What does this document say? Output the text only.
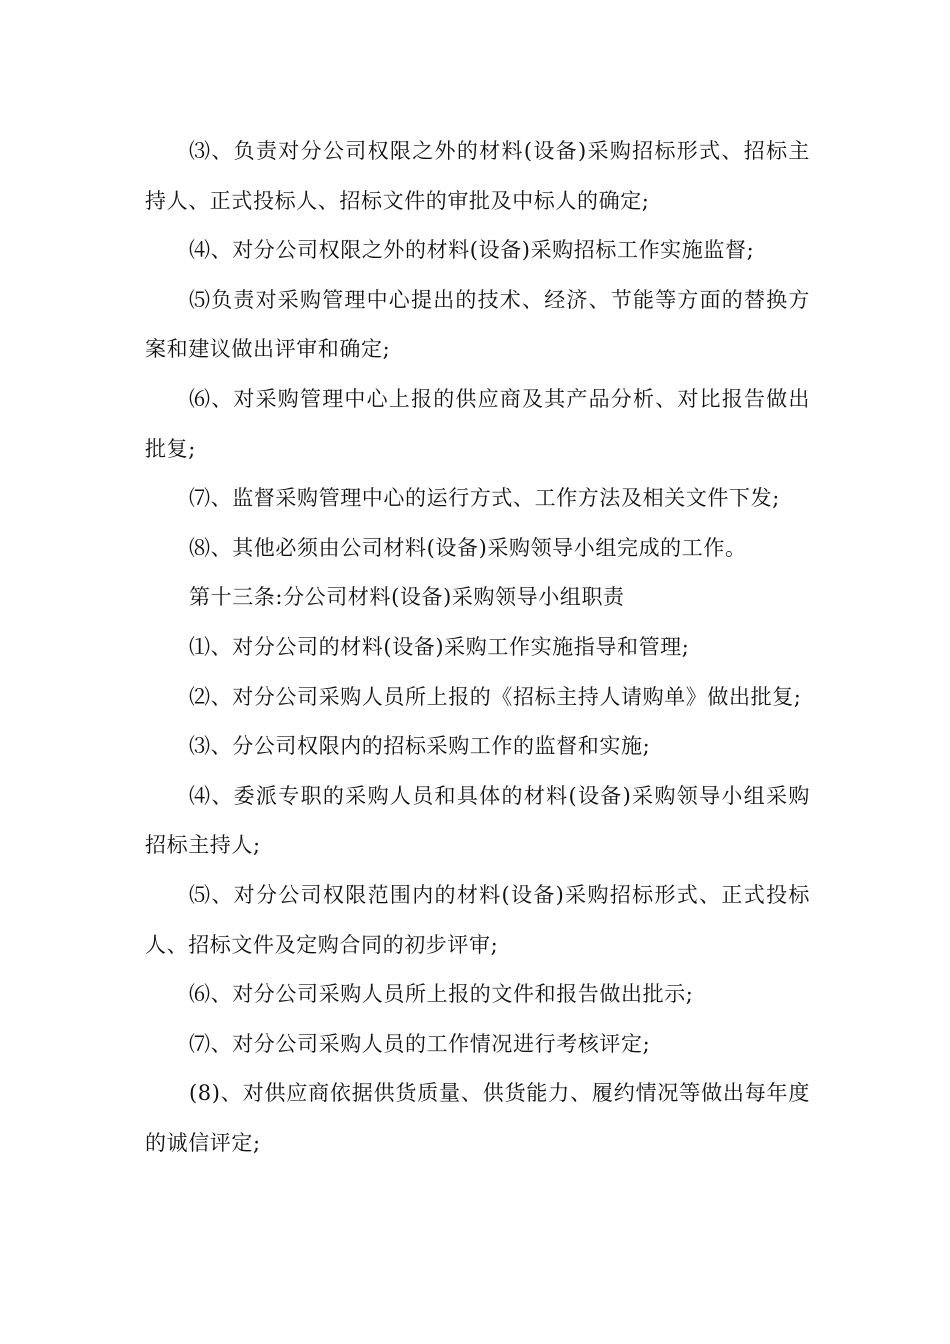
⑶、负责对分公司权限之外的材料(设备)采购招标形式、招标主持人、正式投标人、招标文件的审批及中标人的确定;

⑷、对分公司权限之外的材料(设备)采购招标工作实施监督;

⑸负责对采购管理中心提出的技术、经济、节能等方面的替换方案和建议做出评审和确定;

⑹、对采购管理中心上报的供应商及其产品分析、对比报告做出批复;

⑺、监督采购管理中心的运行方式、工作方法及相关文件下发;

⑻、其他必须由公司材料(设备)采购领导小组完成的工作。

第十三条:分公司材料(设备)采购领导小组职责

⑴、对分公司的材料(设备)采购工作实施指导和管理;

⑵、对分公司采购人员所上报的《招标主持人请购单》做出批复;

⑶、分公司权限内的招标采购工作的监督和实施;

⑷、委派专职的采购人员和具体的材料(设备)采购领导小组采购招标主持人;

⑸、对分公司权限范围内的材料(设备)采购招标形式、正式投标人、招标文件及定购合同的初步评审;

⑹、对分公司采购人员所上报的文件和报告做出批示;

⑺、对分公司采购人员的工作情况进行考核评定;

(8)、对供应商依据供货质量、供货能力、履约情况等做出每年度的诚信评定;
